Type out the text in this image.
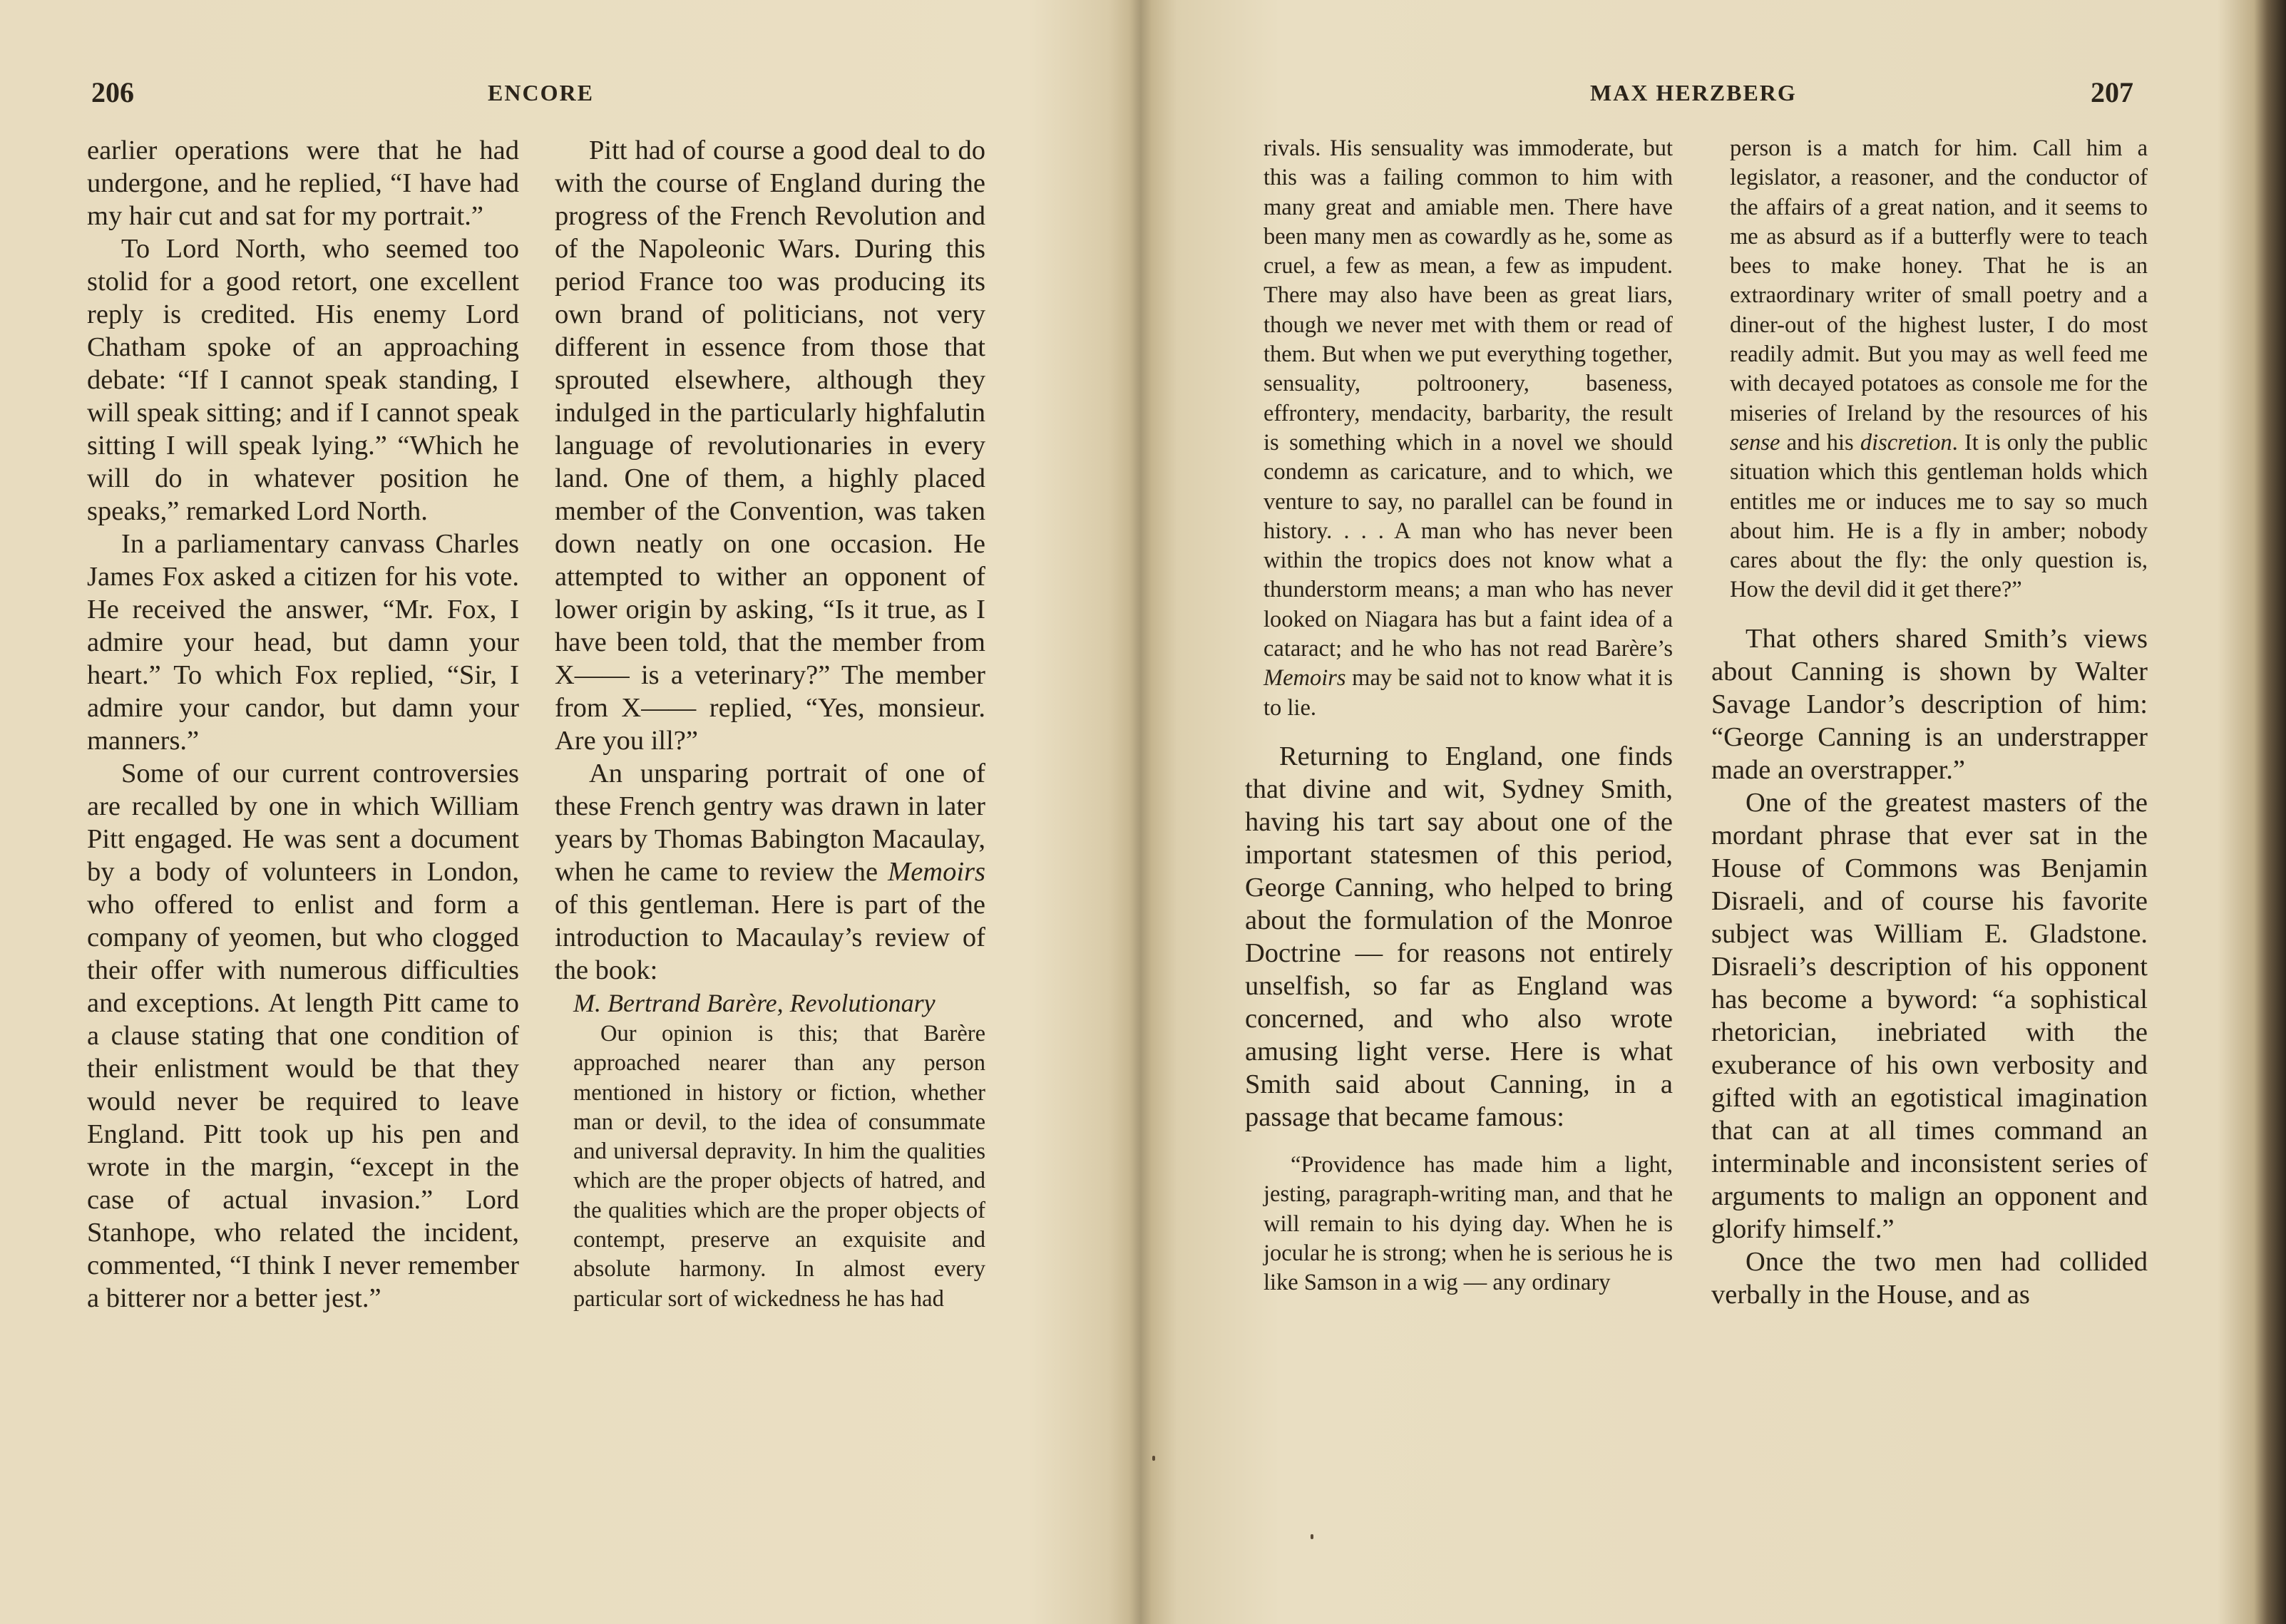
206	ENCORE

earlier operations were that he had undergone, and he replied, “I have had my hair cut and sat for my portrait.”

To Lord North, who seemed too stolid for a good retort, one excellent reply is credited. His enemy Lord Chatham spoke of an approaching debate: “If I cannot speak standing, I will speak sitting; and if I cannot speak sitting I will speak lying.” “Which he will do in whatever position he speaks,” remarked Lord North.

In a parliamentary canvass Charles James Fox asked a citizen for his vote. He received the answer, “Mr. Fox, I admire your head, but damn your heart.” To which Fox replied, “Sir, I admire your candor, but damn your manners.”

Some of our current controversies are recalled by one in which William Pitt engaged. He was sent a document by a body of volunteers in London, who offered to enlist and form a company of yeomen, but who clogged their offer with numerous difficulties and exceptions. At length Pitt came to a clause stating that one condition of their enlistment would be that they would never be required to leave England. Pitt took up his pen and wrote in the margin, “except in the case of actual invasion.” Lord Stanhope, who related the incident, commented, “I think I never remember a bitterer nor a better jest.”

Pitt had of course a good deal to do with the course of England during the progress of the French Revolution and of the Napoleonic Wars. During this period France too was producing its own brand of politicians, not very different in essence from those that sprouted elsewhere, although they indulged in the particularly highfalutin language of revolutionaries in every land. One of them, a highly placed member of the Convention, was taken down neatly on one occasion. He attempted to wither an opponent of lower origin by asking, “Is it true, as I have been told, that the member from X—— is a veterinary?” The member from X—— replied, “Yes, monsieur. Are you ill?”

An unsparing portrait of one of these French gentry was drawn in later years by Thomas Babington Macaulay, when he came to review the Memoirs of this gentleman. Here is part of the introduction to Macaulay’s review of the book:

M. Bertrand Barère, Revolutionary

Our opinion is this; that Barère approached nearer than any person mentioned in history or fiction, whether man or devil, to the idea of consummate and universal depravity. In him the qualities which are the proper objects of hatred, and the qualities which are the proper objects of contempt, preserve an exquisite and absolute harmony. In almost every particular sort of wickedness he has had

MAX HERZBERG	207

rivals. His sensuality was immoderate, but this was a failing common to him with many great and amiable men. There have been many men as cowardly as he, some as cruel, a few as mean, a few as impudent. There may also have been as great liars, though we never met with them or read of them. But when we put everything together, sensuality, poltroonery, baseness, effrontery, mendacity, barbarity, the result is something which in a novel we should condemn as caricature, and to which, we venture to say, no parallel can be found in history. . . . A man who has never been within the tropics does not know what a thunderstorm means; a man who has never looked on Niagara has but a faint idea of a cataract; and he who has not read Barère’s Memoirs may be said not to know what it is to lie.

Returning to England, one finds that divine and wit, Sydney Smith, having his tart say about one of the important statesmen of this period, George Canning, who helped to bring about the formulation of the Monroe Doctrine — for reasons not entirely unselfish, so far as England was concerned, and who also wrote amusing light verse. Here is what Smith said about Canning, in a passage that became famous:

“Providence has made him a light, jesting, paragraph-writing man, and that he will remain to his dying day. When he is jocular he is strong; when he is serious he is like Samson in a wig — any ordinary

person is a match for him. Call him a legislator, a reasoner, and the conductor of the affairs of a great nation, and it seems to me as absurd as if a butterfly were to teach bees to make honey. That he is an extraordinary writer of small poetry and a diner-out of the highest luster, I do most readily admit. But you may as well feed me with decayed potatoes as console me for the miseries of Ireland by the resources of his sense and his discretion. It is only the public situation which this gentleman holds which entitles me or induces me to say so much about him. He is a fly in amber; nobody cares about the fly: the only question is, How the devil did it get there?”

That others shared Smith’s views about Canning is shown by Walter Savage Landor’s description of him: “George Canning is an understrapper made an overstrapper.”

One of the greatest masters of the mordant phrase that ever sat in the House of Commons was Benjamin Disraeli, and of course his favorite subject was William E. Gladstone. Disraeli’s description of his opponent has become a byword: “a sophistical rhetorician, inebriated with the exuberance of his own verbosity and gifted with an egotistical imagination that can at all times command an interminable and inconsistent series of arguments to malign an opponent and glorify himself.”

Once the two men had collided verbally in the House, and as
